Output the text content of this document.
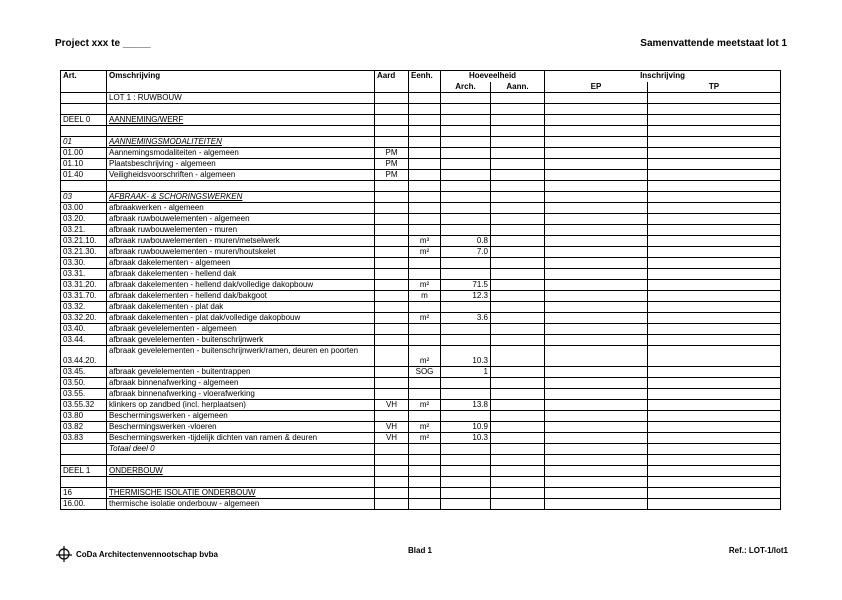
Project xxx te _____	Samenvattende meetstaat lot 1
Art.	Omschrijving	Aard	Eenh.	Hoeveelheid		Inschrijving	
				Arch.	Aann.	EP	TP
	LOT 1 : RUWBOUW						

DEEL 0	AANNEMING/WERF						

01	AANNEMINGSMODALITEITEN						
01.00	Aannemingsmodaliteiten - algemeen	PM					
01.10	Plaatsbeschrijving - algemeen	PM					
01.40	Veiligheidsvoorschriften - algemeen	PM					

03	AFBRAAK- & SCHORINGSWERKEN						
03.00	afbraakwerken - algemeen						
03.20.	afbraak ruwbouwelementen - algemeen						
03.21.	afbraak ruwbouwelementen - muren						
03.21.10.	afbraak ruwbouwelementen - muren/metselwerk		m³	0.8			
03.21.30.	afbraak ruwbouwelementen - muren/houtskelet		m²	7.0			
03.30.	afbraak dakelementen - algemeen						
03.31.	afbraak dakelementen - hellend dak						
03.31.20.	afbraak dakelementen - hellend dak/volledige dakopbouw		m²	71.5			
03.31.70.	afbraak dakelementen - hellend dak/bakgoot		m	12.3			
03.32.	afbraak dakelementen - plat dak						
03.32.20.	afbraak dakelementen - plat dak/volledige dakopbouw		m²	3.6			
03.40.	afbraak gevelelementen - algemeen						
03.44.	afbraak gevelelementen - buitenschrijnwerk						
03.44.20.	afbraak gevelelementen - buitenschrijnwerk/ramen, deuren en poorten		m²	10.3			
03.45.	afbraak gevelelementen - buitentrappen		SOG	1			
03.50.	afbraak binnenafwerking - algemeen						
03.55.	afbraak binnenafwerking - vloerafwerking						
03.55.32	klinkers op zandbed (incl. herplaatsen)	VH	m²	13.8			
03.80	Beschermingswerken - algemeen						
03.82	Beschermingswerken -vloeren	VH	m²	10.9			
03.83	Beschermingswerken -tijdelijk dichten van ramen & deuren	VH	m²	10.3			
	Totaal deel 0						

DEEL 1	ONDERBOUW						

16	THERMISCHE ISOLATIE ONDERBOUW						
16.00.	thermische isolatie onderbouw - algemeen						
CoDa Architectenvennootschap bvba	Blad 1	Ref.: LOT-1/lot1
